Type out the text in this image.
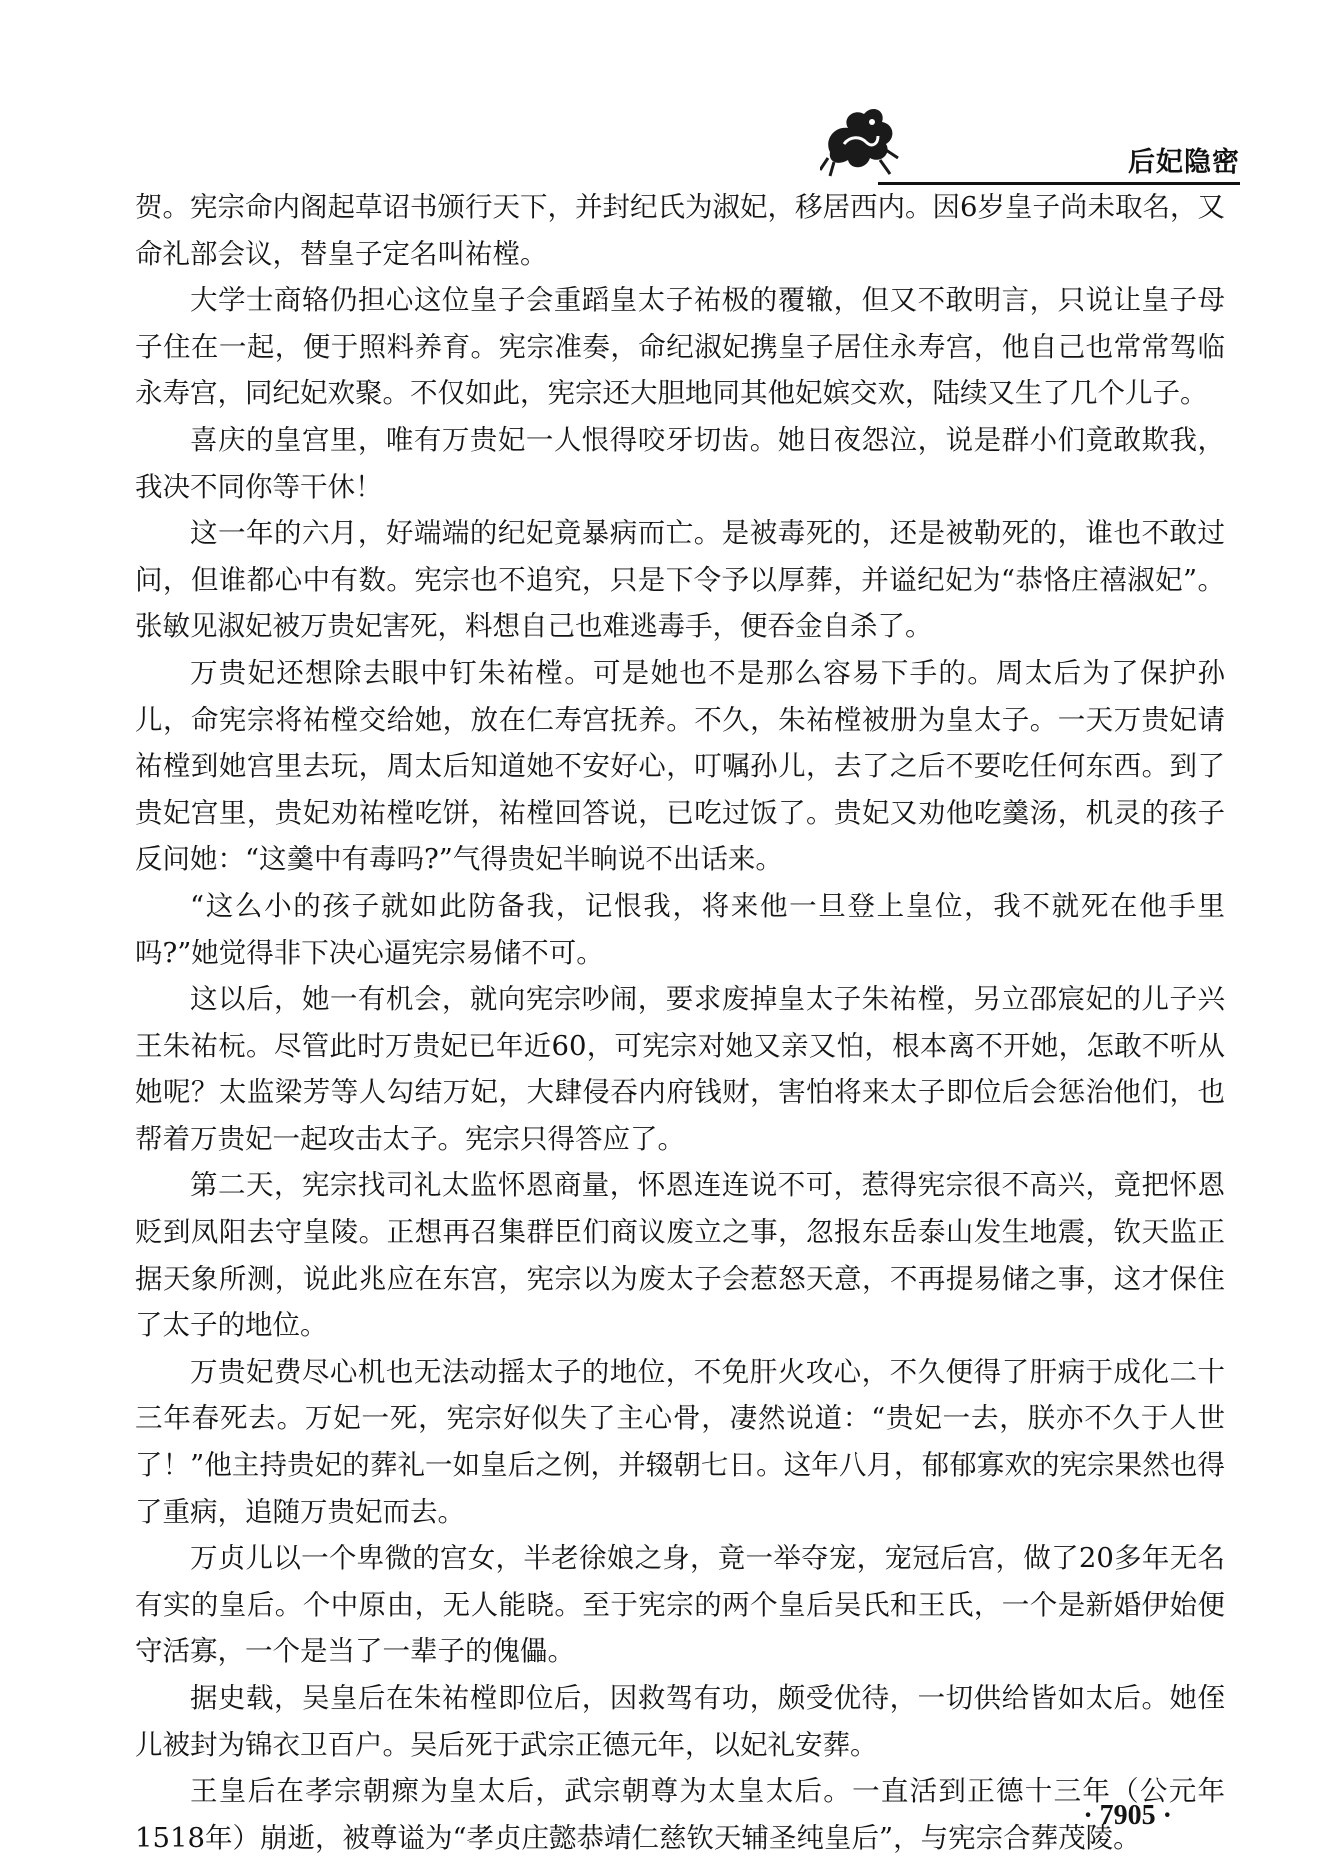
后妃隐密

贺。宪宗命内阁起草诏书颁行天下，并封纪氏为淑妃，移居西内。因6岁皇子尚未取名，又命礼部会议，替皇子定名叫祐樘。

大学士商辂仍担心这位皇子会重蹈皇太子祐极的覆辙，但又不敢明言，只说让皇子母子住在一起，便于照料养育。宪宗准奏，命纪淑妃携皇子居住永寿宫，他自己也常常驾临永寿宫，同纪妃欢聚。不仅如此，宪宗还大胆地同其他妃嫔交欢，陆续又生了几个儿子。

喜庆的皇宫里，唯有万贵妃一人恨得咬牙切齿。她日夜怨泣，说是群小们竟敢欺我，我决不同你等干休！

这一年的六月，好端端的纪妃竟暴病而亡。是被毒死的，还是被勒死的，谁也不敢过问，但谁都心中有数。宪宗也不追究，只是下令予以厚葬，并谥纪妃为“恭恪庄禧淑妃”。张敏见淑妃被万贵妃害死，料想自己也难逃毒手，便吞金自杀了。

万贵妃还想除去眼中钉朱祐樘。可是她也不是那么容易下手的。周太后为了保护孙儿，命宪宗将祐樘交给她，放在仁寿宫抚养。不久，朱祐樘被册为皇太子。一天万贵妃请祐樘到她宫里去玩，周太后知道她不安好心，叮嘱孙儿，去了之后不要吃任何东西。到了贵妃宫里，贵妃劝祐樘吃饼，祐樘回答说，已吃过饭了。贵妃又劝他吃羹汤，机灵的孩子反问她：“这羹中有毒吗?”气得贵妃半晌说不出话来。

“这么小的孩子就如此防备我，记恨我，将来他一旦登上皇位，我不就死在他手里吗?”她觉得非下决心逼宪宗易储不可。

这以后，她一有机会，就向宪宗吵闹，要求废掉皇太子朱祐樘，另立邵宸妃的儿子兴王朱祐杬。尽管此时万贵妃已年近60，可宪宗对她又亲又怕，根本离不开她，怎敢不听从她呢？太监梁芳等人勾结万妃，大肆侵吞内府钱财，害怕将来太子即位后会惩治他们，也帮着万贵妃一起攻击太子。宪宗只得答应了。

第二天，宪宗找司礼太监怀恩商量，怀恩连连说不可，惹得宪宗很不高兴，竟把怀恩贬到凤阳去守皇陵。正想再召集群臣们商议废立之事，忽报东岳泰山发生地震，钦天监正据天象所测，说此兆应在东宫，宪宗以为废太子会惹怒天意，不再提易储之事，这才保住了太子的地位。

万贵妃费尽心机也无法动摇太子的地位，不免肝火攻心，不久便得了肝病于成化二十三年春死去。万妃一死，宪宗好似失了主心骨，凄然说道：“贵妃一去，朕亦不久于人世了！”他主持贵妃的葬礼一如皇后之例，并辍朝七日。这年八月，郁郁寡欢的宪宗果然也得了重病，追随万贵妃而去。

万贞儿以一个卑微的宫女，半老徐娘之身，竟一举夺宠，宠冠后宫，做了20多年无名有实的皇后。个中原由，无人能晓。至于宪宗的两个皇后吴氏和王氏，一个是新婚伊始便守活寡，一个是当了一辈子的傀儡。

据史载，吴皇后在朱祐樘即位后，因救驾有功，颇受优待，一切供给皆如太后。她侄儿被封为锦衣卫百户。吴后死于武宗正德元年，以妃礼安葬。

王皇后在孝宗朝瘝为皇太后，武宗朝尊为太皇太后。一直活到正德十三年（公元年1518年）崩逝，被尊谥为“孝贞庄懿恭靖仁慈钦天辅圣纯皇后”，与宪宗合葬茂陵。

· 7905 ·
